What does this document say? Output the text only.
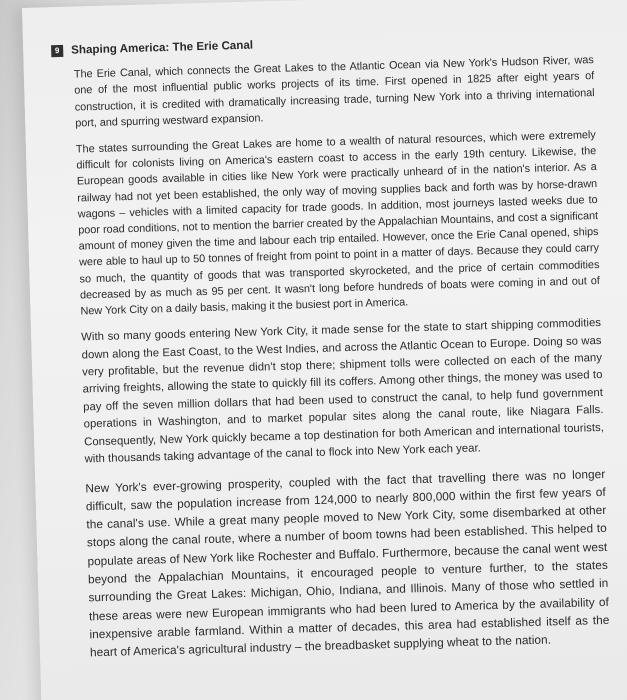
9 Shaping America: The Erie Canal

The Erie Canal, which connects the Great Lakes to the Atlantic Ocean via New York's Hudson River, was one of the most influential public works projects of its time. First opened in 1825 after eight years of construction, it is credited with dramatically increasing trade, turning New York into a thriving international port, and spurring westward expansion.

The states surrounding the Great Lakes are home to a wealth of natural resources, which were extremely difficult for colonists living on America's eastern coast to access in the early 19th century. Likewise, the European goods available in cities like New York were practically unheard of in the nation's interior. As a railway had not yet been established, the only way of moving supplies back and forth was by horse-drawn wagons – vehicles with a limited capacity for trade goods. In addition, most journeys lasted weeks due to poor road conditions, not to mention the barrier created by the Appalachian Mountains, and cost a significant amount of money given the time and labour each trip entailed. However, once the Erie Canal opened, ships were able to haul up to 50 tonnes of freight from point to point in a matter of days. Because they could carry so much, the quantity of goods that was transported skyrocketed, and the price of certain commodities decreased by as much as 95 per cent. It wasn't long before hundreds of boats were coming in and out of New York City on a daily basis, making it the busiest port in America.

With so many goods entering New York City, it made sense for the state to start shipping commodities down along the East Coast, to the West Indies, and across the Atlantic Ocean to Europe. Doing so was very profitable, but the revenue didn't stop there; shipment tolls were collected on each of the many arriving freights, allowing the state to quickly fill its coffers. Among other things, the money was used to pay off the seven million dollars that had been used to construct the canal, to help fund government operations in Washington, and to market popular sites along the canal route, like Niagara Falls. Consequently, New York quickly became a top destination for both American and international tourists, with thousands taking advantage of the canal to flock into New York each year.

New York's ever-growing prosperity, coupled with the fact that travelling there was no longer difficult, saw the population increase from 124,000 to nearly 800,000 within the first few years of the canal's use. While a great many people moved to New York City, some disembarked at other stops along the canal route, where a number of boom towns had been established. This helped to populate areas of New York like Rochester and Buffalo. Furthermore, because the canal went west beyond the Appalachian Mountains, it encouraged people to venture further, to the states surrounding the Great Lakes: Michigan, Ohio, Indiana, and Illinois. Many of those who settled in these areas were new European immigrants who had been lured to America by the availability of inexpensive arable farmland. Within a matter of decades, this area had established itself as the heart of America's agricultural industry – the breadbasket supplying wheat to the nation.
